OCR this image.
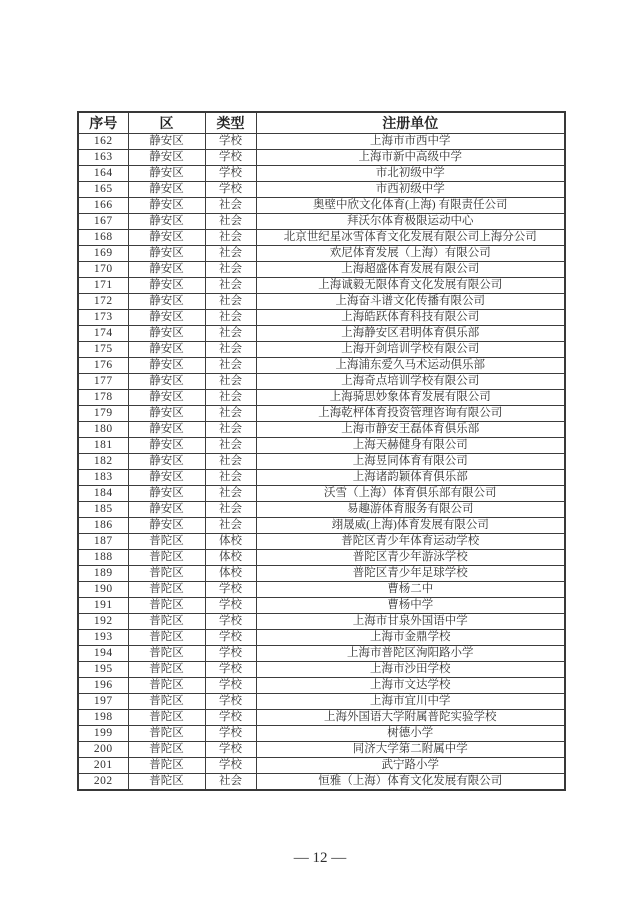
序号	区	类型	注册单位
162	静安区	学校	上海市市西中学
163	静安区	学校	上海市新中高级中学
164	静安区	学校	市北初级中学
165	静安区	学校	市西初级中学
166	静安区	社会	奥壁中欣文化体育(上海) 有限责任公司
167	静安区	社会	拜沃尔体育极限运动中心
168	静安区	社会	北京世纪星冰雪体育文化发展有限公司上海分公司
169	静安区	社会	欢尼体育发展（上海）有限公司
170	静安区	社会	上海超盛体育发展有限公司
171	静安区	社会	上海诚毅无限体育文化发展有限公司
172	静安区	社会	上海奋斗谱文化传播有限公司
173	静安区	社会	上海皓跃体育科技有限公司
174	静安区	社会	上海静安区君明体育俱乐部
175	静安区	社会	上海开剑培训学校有限公司
176	静安区	社会	上海浦东爱久马术运动俱乐部
177	静安区	社会	上海奇点培训学校有限公司
178	静安区	社会	上海骑思妙象体育发展有限公司
179	静安区	社会	上海乾枰体育投资管理咨询有限公司
180	静安区	社会	上海市静安王磊体育俱乐部
181	静安区	社会	上海天赫健身有限公司
182	静安区	社会	上海昱同体育有限公司
183	静安区	社会	上海诸韵颖体育俱乐部
184	静安区	社会	沃雪（上海）体育俱乐部有限公司
185	静安区	社会	易趣游体育服务有限公司
186	静安区	社会	翊晟威(上海)体育发展有限公司
187	普陀区	体校	普陀区青少年体育运动学校
188	普陀区	体校	普陀区青少年游泳学校
189	普陀区	体校	普陀区青少年足球学校
190	普陀区	学校	曹杨二中
191	普陀区	学校	曹杨中学
192	普陀区	学校	上海市甘泉外国语中学
193	普陀区	学校	上海市金鼎学校
194	普陀区	学校	上海市普陀区洵阳路小学
195	普陀区	学校	上海市沙田学校
196	普陀区	学校	上海市文达学校
197	普陀区	学校	上海市宜川中学
198	普陀区	学校	上海外国语大学附属普陀实验学校
199	普陀区	学校	树德小学
200	普陀区	学校	同济大学第二附属中学
201	普陀区	学校	武宁路小学
202	普陀区	社会	恒雅（上海）体育文化发展有限公司
— 12 —
